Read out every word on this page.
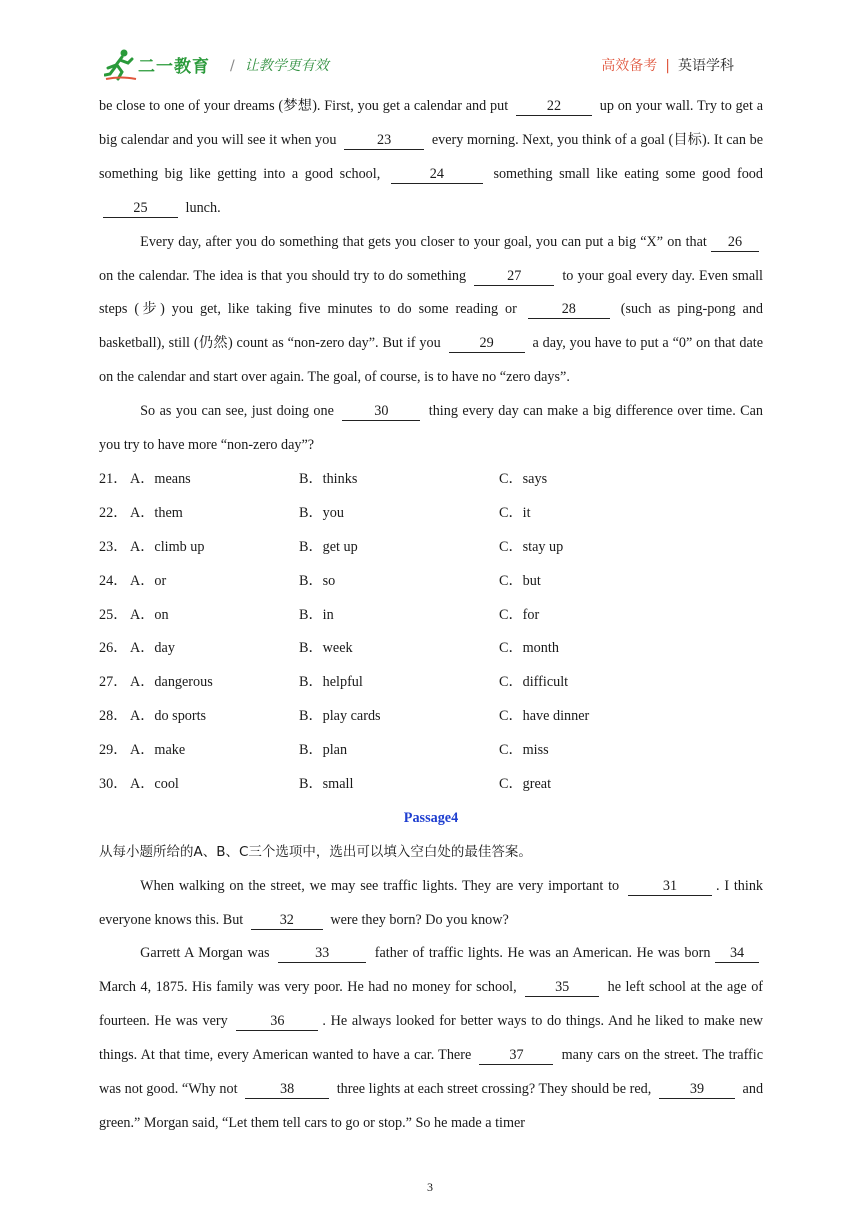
二一教育 / 让教学更有效	高效备考 | 英语学科

be close to one of your dreams (梦想). First, you get a calendar and put	22	up on your wall. Try to get a big calendar and you will see it when you	23	every morning. Next, you think of a goal (目标). It can be something big like getting into a good school,	24	something small like eating some good food 25	lunch.

Every day, after you do something that gets you closer to your goal, you can put a big “X” on that 26 on the calendar. The idea is that you should try to do something	27	to your goal every day. Even small steps (步) you get, like taking five minutes to do some reading or	28	(such as ping-pong and basketball), still (仍然) count as “non-zero day”. But if you	29	a day, you have to put a “0” on that date on the calendar and start over again. The goal, of course, is to have no “zero days”.

So as you can see, just doing one	30	thing every day can make a big difference over time. Can you try to have more “non-zero day”?

21． A．means	B．thinks	C．says
22． A．them	B．you	C．it
23． A．climb up	B．get up	C．stay up
24． A．or	B．so	C．but
25． A．on	B．in	C．for
26． A．day	B．week	C．month
27． A．dangerous	B．helpful	C．difficult
28． A．do sports	B．play cards	C．have dinner
29． A．make	B．plan	C．miss
30． A．cool	B．small	C．great
Passage4
从每小题所给的A、B、C三个选项中，选出可以填入空白处的最佳答案。

When walking on the street, we may see traffic lights. They are very important to	31	. I think everyone knows this. But	32	were they born? Do you know?

Garrett A Morgan was	33	father of traffic lights. He was an American. He was born 34 March 4, 1875. His family was very poor. He had no money for school,	35	he left school at the age of fourteen. He was very	36	. He always looked for better ways to do things. And he liked to make new things. At that time, every American wanted to have a car. There	37	many cars on the street. The traffic was not good. “Why not	38	three lights at each street crossing? They should be red,	39	and green.” Morgan said, “Let them tell cars to go or stop.” So he made a timer

3
